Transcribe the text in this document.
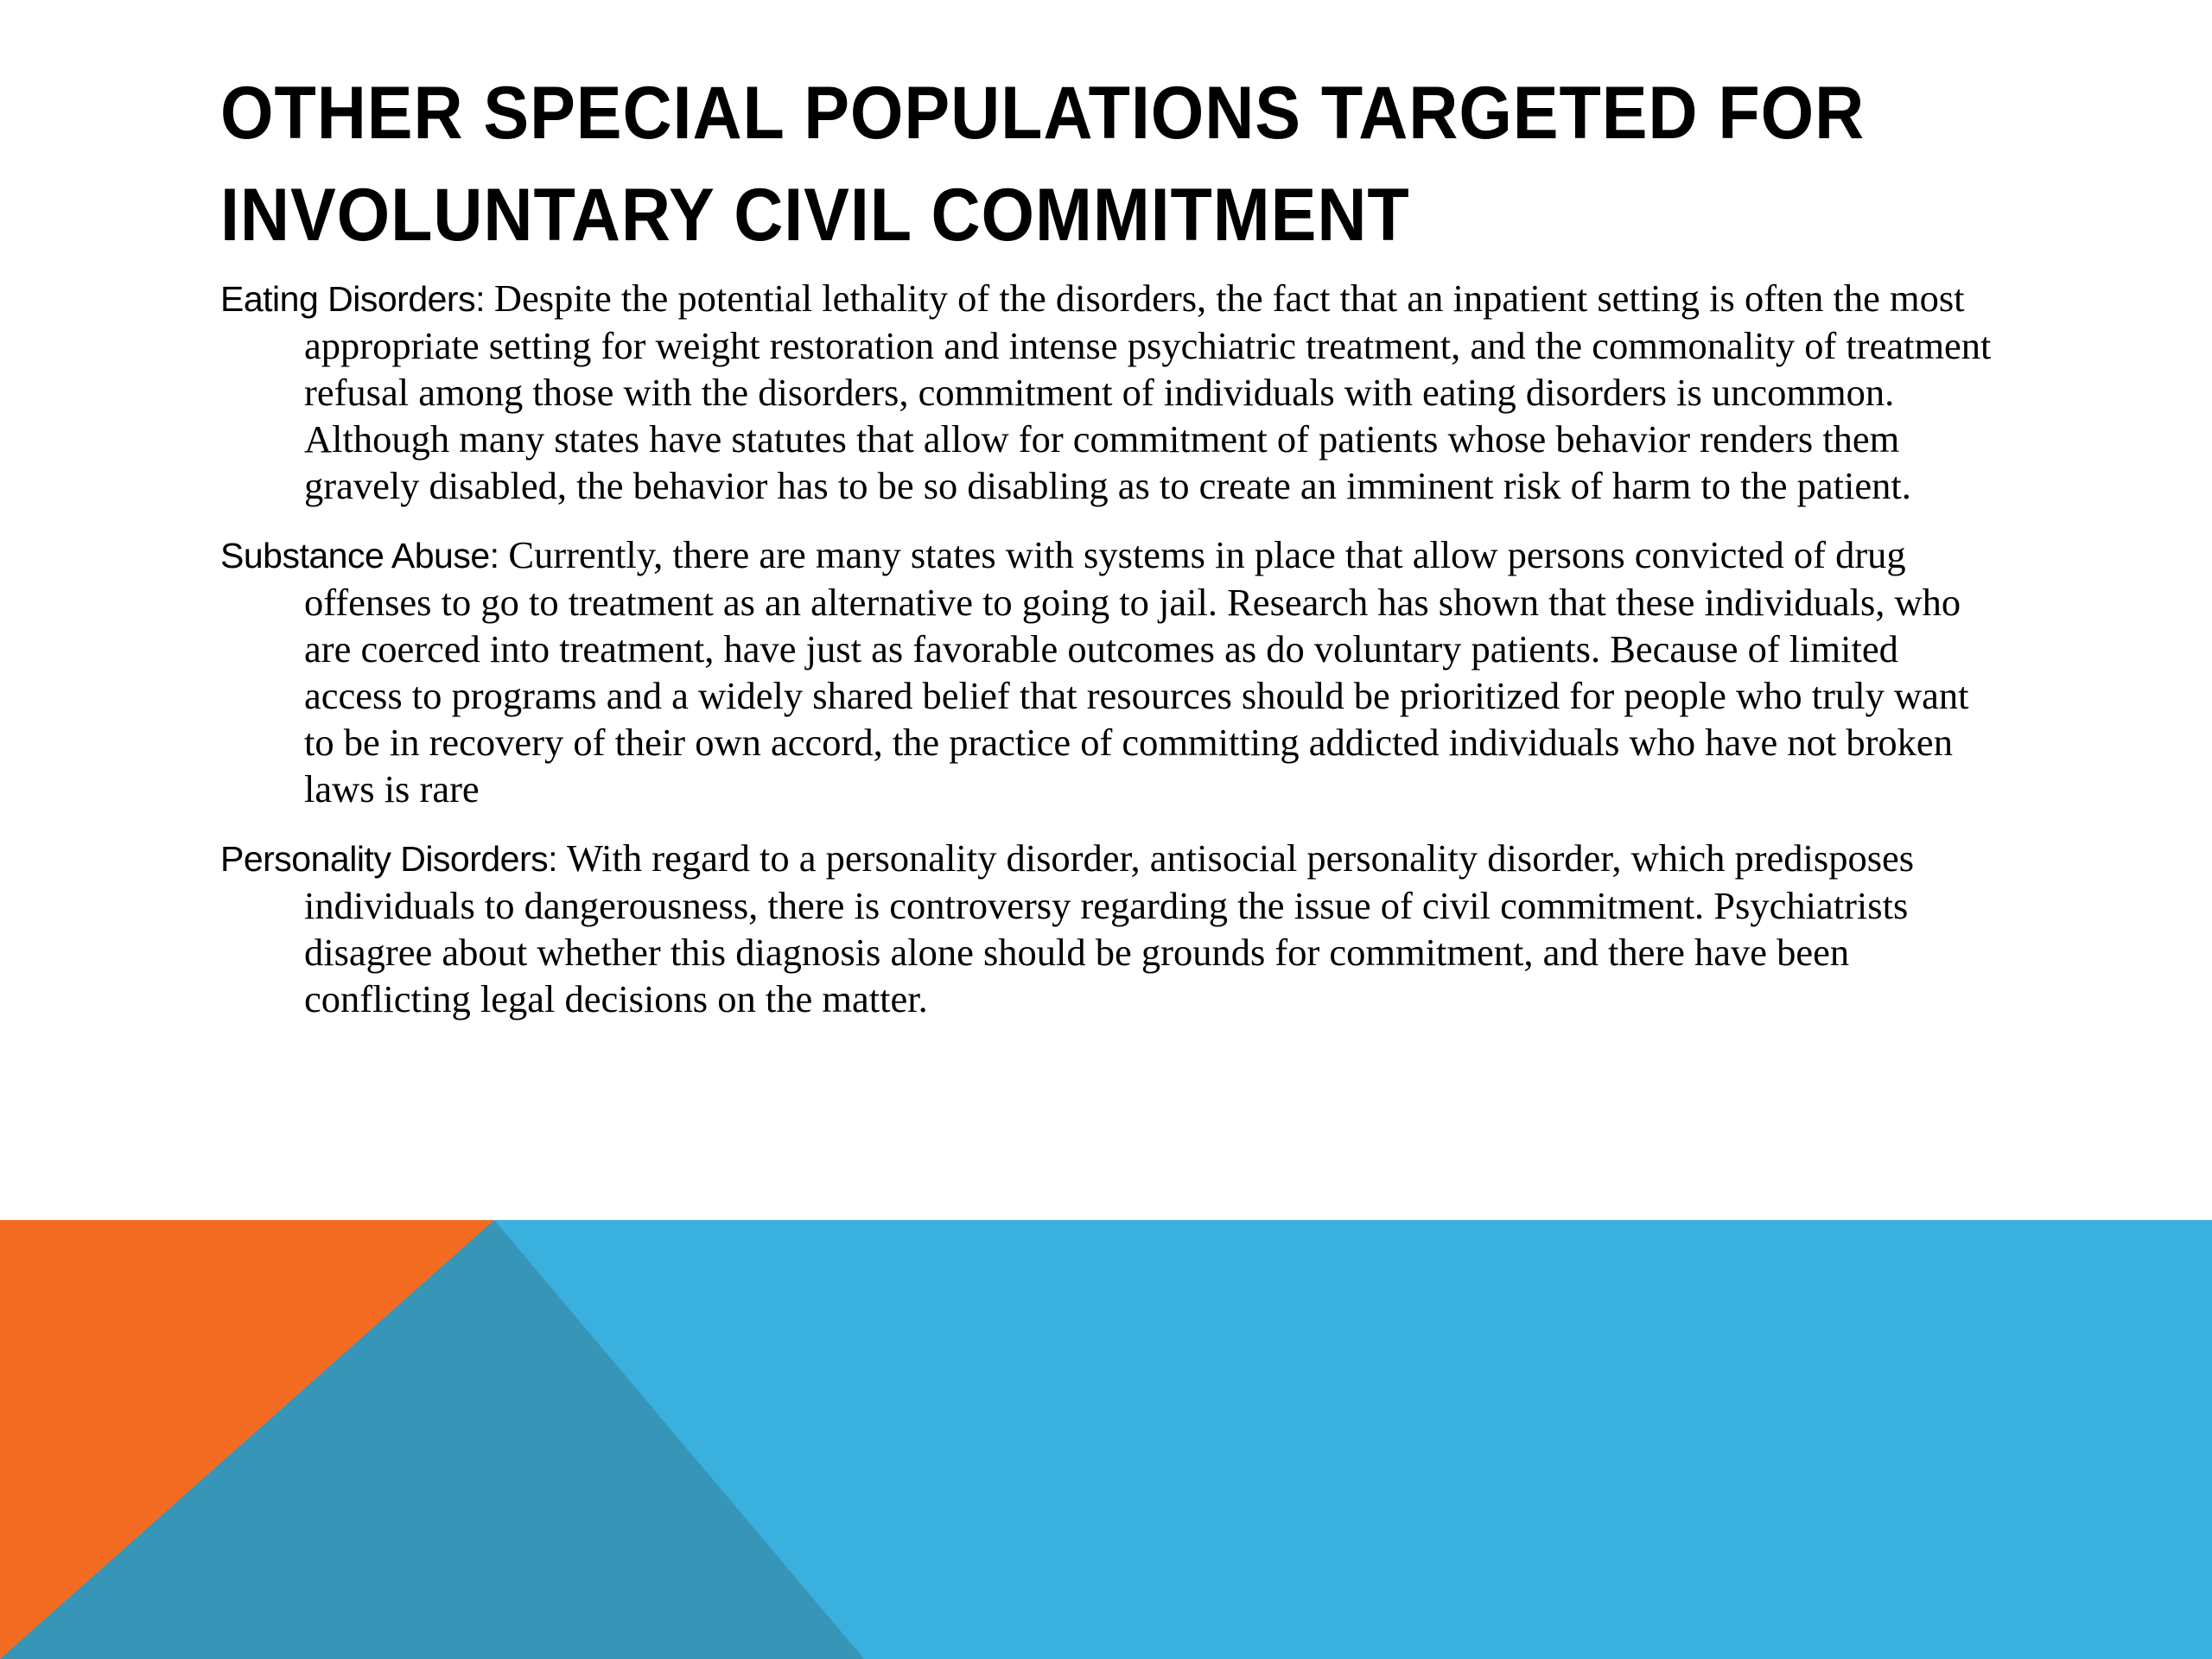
OTHER SPECIAL POPULATIONS TARGETED FOR INVOLUNTARY CIVIL COMMITMENT

Eating Disorders: Despite the potential lethality of the disorders, the fact that an inpatient setting is often the most appropriate setting for weight restoration and intense psychiatric treatment, and the commonality of treatment refusal among those with the disorders, commitment of individuals with eating disorders is uncommon. Although many states have statutes that allow for commitment of patients whose behavior renders them gravely disabled, the behavior has to be so disabling as to create an imminent risk of harm to the patient.

Substance Abuse: Currently, there are many states with systems in place that allow persons convicted of drug offenses to go to treatment as an alternative to going to jail. Research has shown that these individuals, who are coerced into treatment, have just as favorable outcomes as do voluntary patients. Because of limited access to programs and a widely shared belief that resources should be prioritized for people who truly want to be in recovery of their own accord, the practice of committing addicted individuals who have not broken laws is rare

Personality Disorders: With regard to a personality disorder, antisocial personality disorder, which predisposes individuals to dangerousness, there is controversy regarding the issue of civil commitment. Psychiatrists disagree about whether this diagnosis alone should be grounds for commitment, and there have been conflicting legal decisions on the matter.
